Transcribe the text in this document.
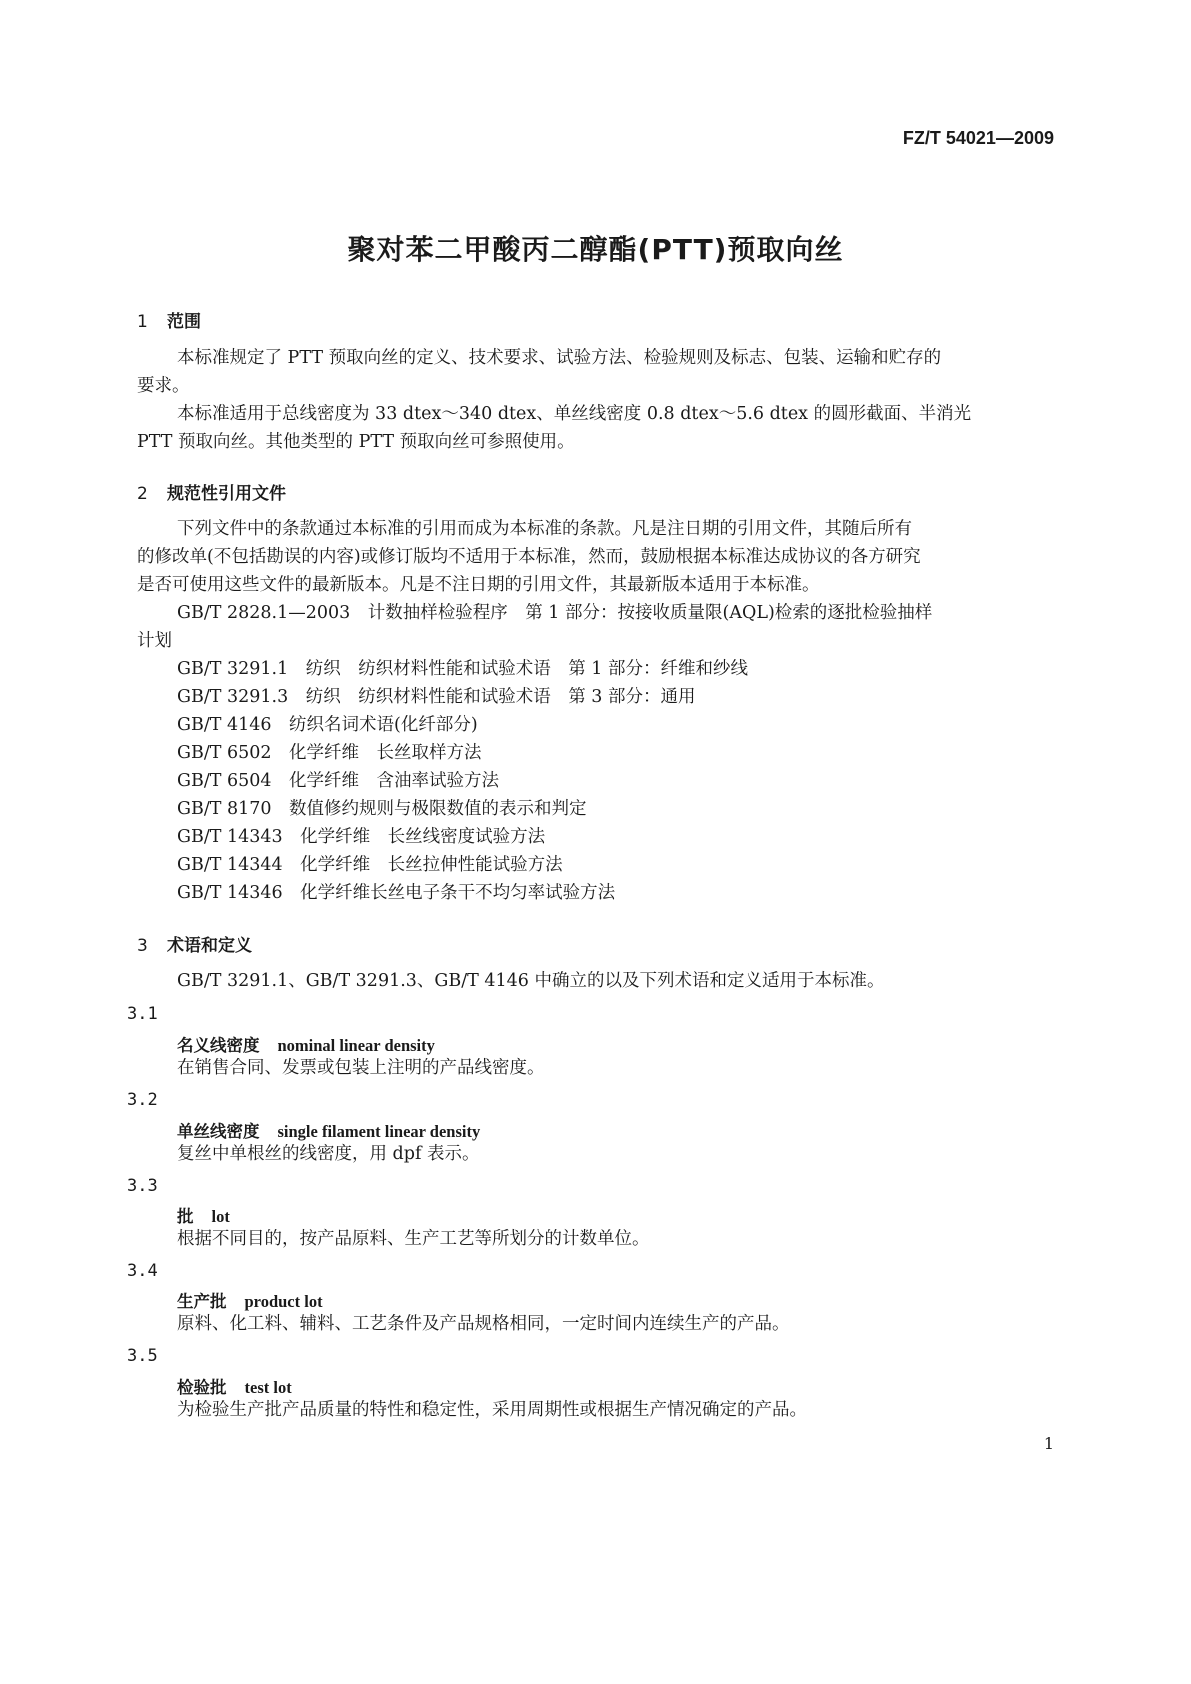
FZ/T 54021—2009
聚对苯二甲酸丙二醇酯(PTT)预取向丝
1 范围
本标准规定了 PTT 预取向丝的定义、技术要求、试验方法、检验规则及标志、包装、运输和贮存的
要求。
本标准适用于总线密度为 33 dtex～340 dtex、单丝线密度 0.8 dtex～5.6 dtex 的圆形截面、半消光
PTT 预取向丝。其他类型的 PTT 预取向丝可参照使用。
2 规范性引用文件
下列文件中的条款通过本标准的引用而成为本标准的条款。凡是注日期的引用文件，其随后所有
的修改单(不包括勘误的内容)或修订版均不适用于本标准，然而，鼓励根据本标准达成协议的各方研究
是否可使用这些文件的最新版本。凡是不注日期的引用文件，其最新版本适用于本标准。
GB/T 2828.1—2003　 计数抽样检验程序　第 1 部分：按接收质量限(AQL)检索的逐批检验抽样
计划
GB/T 3291.1　 纺织　纺织材料性能和试验术语　第 1 部分：纤维和纱线
GB/T 3291.3　 纺织　纺织材料性能和试验术语　第 3 部分：通用
GB/T 4146　 纺织名词术语(化纤部分)
GB/T 6502　 化学纤维　长丝取样方法
GB/T 6504　 化学纤维　含油率试验方法
GB/T 8170　 数值修约规则与极限数值的表示和判定
GB/T 14343　 化学纤维　长丝线密度试验方法
GB/T 14344　 化学纤维　长丝拉伸性能试验方法
GB/T 14346　 化学纤维长丝电子条干不均匀率试验方法
3 术语和定义
GB/T 3291.1、GB/T 3291.3、GB/T 4146 中确立的以及下列术语和定义适用于本标准。
3.1
名义线密度 nominal linear density
在销售合同、发票或包装上注明的产品线密度。
3.2
单丝线密度 single filament linear density
复丝中单根丝的线密度，用 dpf 表示。
3.3
批 lot
根据不同目的，按产品原料、生产工艺等所划分的计数单位。
3.4
生产批 product lot
原料、化工料、辅料、工艺条件及产品规格相同，一定时间内连续生产的产品。
3.5
检验批 test lot
为检验生产批产品质量的特性和稳定性，采用周期性或根据生产情况确定的产品。
1
